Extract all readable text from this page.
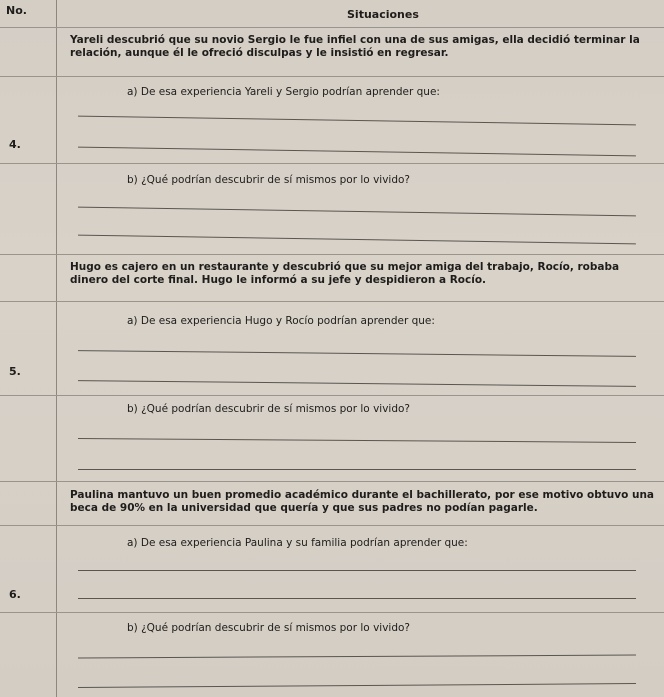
No.	Situaciones
Yareli descubrió que su novio Sergio le fue infiel con una de sus amigas, ella decidió terminar la relación, aunque él le ofreció disculpas y le insistió en regresar.
a) De esa experiencia Yareli y Sergio podrían aprender que:
4.
b) ¿Qué podrían descubrir de sí mismos por lo vivido?
Hugo es cajero en un restaurante y descubrió que su mejor amiga del trabajo, Rocío, robaba dinero del corte final. Hugo le informó a su jefe y despidieron a Rocío.
a) De esa experiencia Hugo y Rocío podrían aprender que:
5.
b) ¿Qué podrían descubrir de sí mismos por lo vivido?
Paulina mantuvo un buen promedio académico durante el bachillerato, por ese motivo obtuvo una beca de 90% en la universidad que quería y que sus padres no podían pagarle.
a) De esa experiencia Paulina y su familia podrían aprender que:
6.
b) ¿Qué podrían descubrir de sí mismos por lo vivido?
